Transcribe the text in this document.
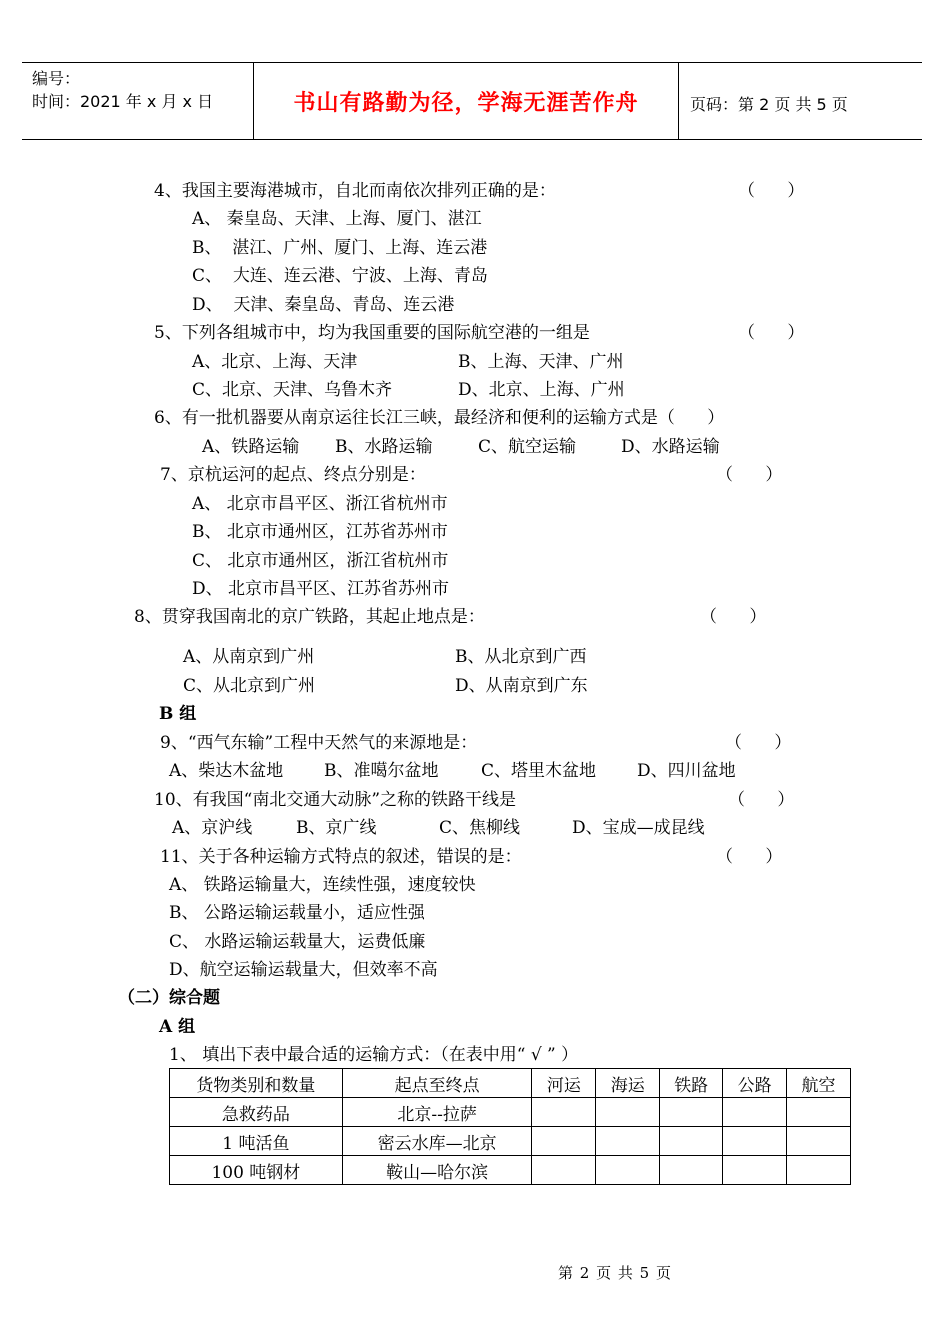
编号：
时间：2021 年 x 月 x 日	书山有路勤为径，学海无涯苦作舟	页码：第 2 页 共 5 页
4、我国主要海港城市，自北而南依次排列正确的是：	（      ）
A、 秦皇岛、天津、上海、厦门、湛江
B、  湛江、广州、厦门、上海、连云港
C、  大连、连云港、宁波、上海、青岛
D、  天津、秦皇岛、青岛、连云港
5、下列各组城市中，均为我国重要的国际航空港的一组是	（      ）
A、北京、上海、天津	B、上海、天津、广州
C、北京、天津、乌鲁木齐	D、北京、上海、广州
6、有一批机器要从南京运往长江三峡，最经济和便利的运输方式是（      ）
A、铁路运输 B、水路运输	C、航空运输	D、水路运输
7、京杭运河的起点、终点分别是：	（      ）
A、 北京市昌平区、浙江省杭州市
B、 北京市通州区，江苏省苏州市
C、 北京市通州区，浙江省杭州市
D、 北京市昌平区、江苏省苏州市
8、贯穿我国南北的京广铁路，其起止地点是：	（      ）
A、从南京到广州	B、从北京到广西
C、从北京到广州	D、从南京到广东
B 组
9、“西气东输”工程中天然气的来源地是：	（      ）
A、柴达木盆地 B、准噶尔盆地	C、塔里木盆地 D、四川盆地
10、有我国“南北交通大动脉”之称的铁路干线是	（      ）
A、京沪线	B、京广线	C、焦柳线	D、宝成—成昆线
11、关于各种运输方式特点的叙述，错误的是：	（      ）
A、 铁路运输量大，连续性强，速度较快
B、 公路运输运载量小，适应性强
C、 水路运输运载量大，运费低廉
D、航空运输运载量大，但效率不高
（二）综合题
A 组
1、 填出下表中最合适的运输方式：（在表中用“ √ ” ）
货物类别和数量	起点至终点	河运	海运	铁路	公路	航空
急救药品	北京--拉萨					
1 吨活鱼	密云水库—北京					
100 吨钢材	鞍山—哈尔滨					
第 2 页 共 5 页
